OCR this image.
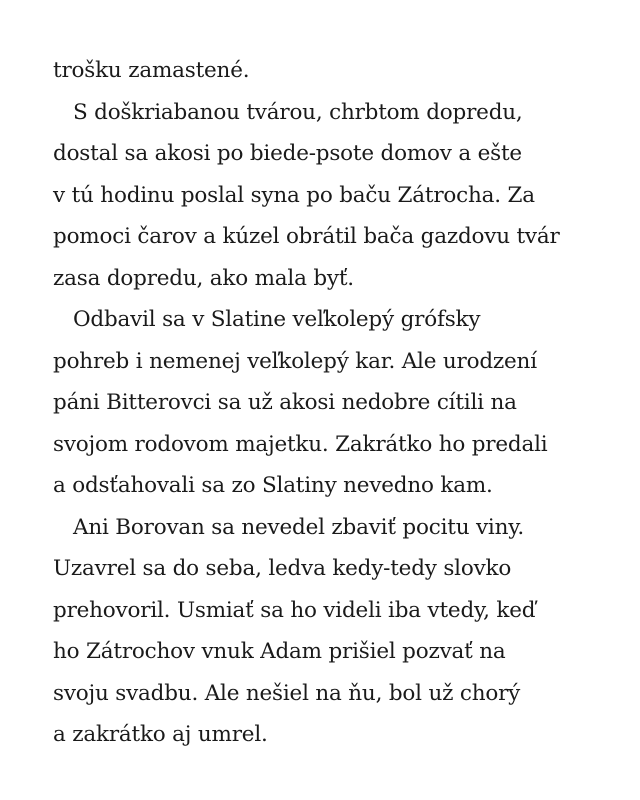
trošku zamastené.
S doškriabanou tvárou, chrbtom dopredu,
dostal sa akosi po biede-psote domov a ešte
v tú hodinu poslal syna po baču Zátrocha. Za
pomoci čarov a kúzel obrátil bača gazdovu tvár
zasa dopredu, ako mala byť.
Odbavil sa v Slatine veľkolepý grófsky
pohreb i nemenej veľkolepý kar. Ale urodzení
páni Bitterovci sa už akosi nedobre cítili na
svojom rodovom majetku. Zakrátko ho predali
a odsťahovali sa zo Slatiny nevedno kam.
Ani Borovan sa nevedel zbaviť pocitu viny.
Uzavrel sa do seba, ledva kedy-tedy slovko
prehovoril. Usmiať sa ho videli iba vtedy, keď
ho Zátrochov vnuk Adam prišiel pozvať na
svoju svadbu. Ale nešiel na ňu, bol už chorý
a zakrátko aj umrel.
